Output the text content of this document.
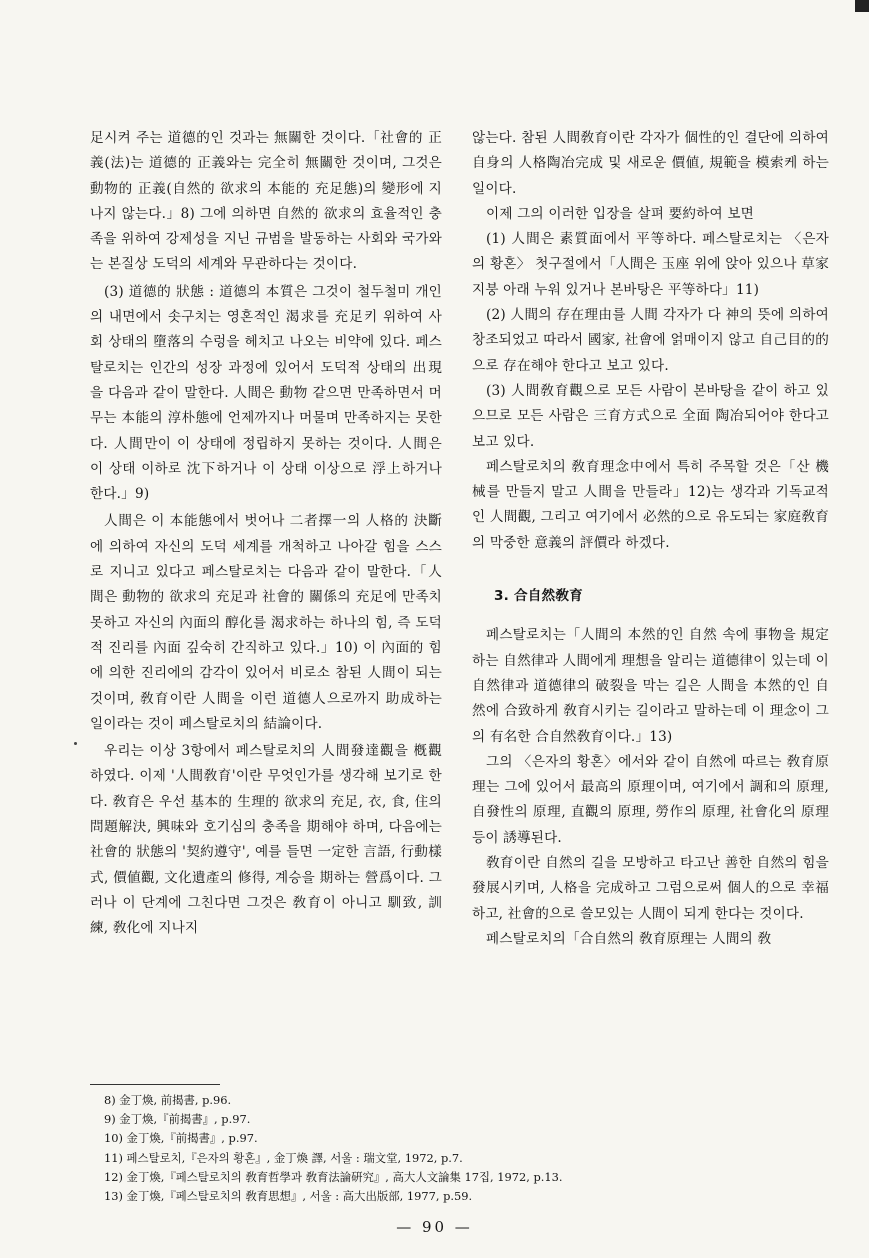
足시켜 주는 道德的인 것과는 無關한 것이다.「社會的 正義(法)는 道德的 正義와는 完全히 無關한 것이며, 그것은 動物的 正義(自然的 欲求의 本能的 充足態)의 變形에 지나지 않는다.」8) 그에 의하면 自然的 欲求의 효율적인 충족을 위하여 강제성을 지닌 규범을 발동하는 사회와 국가와는 본질상 도덕의 세계와 무관하다는 것이다.

(3) 道德的 狀態 : 道德의 本質은 그것이 철두철미 개인의 내면에서 솟구치는 영혼적인 渴求를 充足키 위하여 사회 상태의 墮落의 수렁을 헤치고 나오는 비약에 있다. 페스탈로치는 인간의 성장 과정에 있어서 도덕적 상태의 出現을 다음과 같이 말한다. 人間은 動物 같으면 만족하면서 머무는 本能의 淳朴態에 언제까지나 머물며 만족하지는 못한다. 人間만이 이 상태에 정립하지 못하는 것이다. 人間은 이 상태 이하로 沈下하거나 이 상태 이상으로 浮上하거나 한다.」9)

人間은 이 本能態에서 벗어나 二者擇一의 人格的 決斷에 의하여 자신의 도덕 세계를 개척하고 나아갈 힘을 스스로 지니고 있다고 페스탈로치는 다음과 같이 말한다.「人間은 動物的 欲求의 充足과 社會的 關係의 充足에 만족치 못하고 자신의 內面의 醇化를 渴求하는 하나의 힘, 즉 도덕적 진리를 內面 깊숙히 간직하고 있다.」10) 이 內面的 힘에 의한 진리에의 감각이 있어서 비로소 참된 人間이 되는 것이며, 敎育이란 人間을 이런 道德人으로까지 助成하는 일이라는 것이 페스탈로치의 結論이다.

우리는 이상 3항에서 페스탈로치의 人間發達觀을 槪觀하였다. 이제 '人間敎育'이란 무엇인가를 생각해 보기로 한다. 敎育은 우선 基本的 生理的 欲求의 充足, 衣, 食, 住의 問題解決, 興味와 호기심의 충족을 期해야 하며, 다음에는 社會的 狀態의 '契約遵守', 예를 들면 一定한 言語, 行動樣式, 價値觀, 文化遺產의 修得, 계승을 期하는 營爲이다. 그러나 이 단계에 그친다면 그것은 敎育이 아니고 馴致, 訓練, 敎化에 지나지

않는다. 참된 人間敎育이란 각자가 個性的인 결단에 의하여 自身의 人格陶冶完成 및 새로운 價値, 規範을 模索케 하는 일이다.

이제 그의 이러한 입장을 살펴 要約하여 보면

(1) 人間은 素質面에서 平等하다. 페스탈로치는 〈은자의 황혼〉 첫구절에서「人間은 玉座 위에 앉아 있으나 草家지붕 아래 누워 있거나 본바탕은 平等하다」11)

(2) 人間의 存在理由를 人間 각자가 다 神의 뜻에 의하여 창조되었고 따라서 國家, 社會에 얽매이지 않고 自己目的的으로 存在해야 한다고 보고 있다.

(3) 人間敎育觀으로 모든 사람이 본바탕을 같이 하고 있으므로 모든 사람은 三育方式으로 全面 陶冶되어야 한다고 보고 있다.

페스탈로치의 敎育理念中에서 특히 주목할 것은「산 機械를 만들지 말고 人間을 만들라」12)는 생각과 기독교적인 人間觀, 그리고 여기에서 必然的으로 유도되는 家庭敎育의 막중한 意義의 評價라 하겠다.

3. 合自然敎育

페스탈로치는「人間의 本然的인 自然 속에 事物을 規定하는 自然律과 人間에게 理想을 알리는 道德律이 있는데 이 自然律과 道德律의 破裂을 막는 길은 人間을 本然的인 自然에 合致하게 敎育시키는 길이라고 말하는데 이 理念이 그의 有名한 合自然敎育이다.」13)

그의 〈은자의 황혼〉에서와 같이 自然에 따르는 敎育原理는 그에 있어서 最高의 原理이며, 여기에서 調和의 原理, 自發性의 原理, 直觀의 原理, 勞作의 原理, 社會化의 原理 등이 誘導된다.

敎育이란 自然의 길을 모방하고 타고난 善한 自然의 힘을 發展시키며, 人格을 完成하고 그럼으로써 個人的으로 幸福하고, 社會的으로 쓸모있는 人間이 되게 한다는 것이다.

페스탈로치의「合自然의 敎育原理는 人間의 敎

8) 金丁煥, 前揭書, p.96.
9) 金丁煥,『前揭書』, p.97.
10) 金丁煥,『前揭書』, p.97.
11) 페스탈로치,『은자의 황혼』, 金丁煥 譯, 서울 : 瑞文堂, 1972, p.7.
12) 金丁煥,『페스탈로치의 敎育哲學과 敎育法論硏究』, 高大人文論集 17집, 1972, p.13.
13) 金丁煥,『페스탈로치의 敎育思想』, 서울 : 高大出版部, 1977, p.59.
— 90 —
